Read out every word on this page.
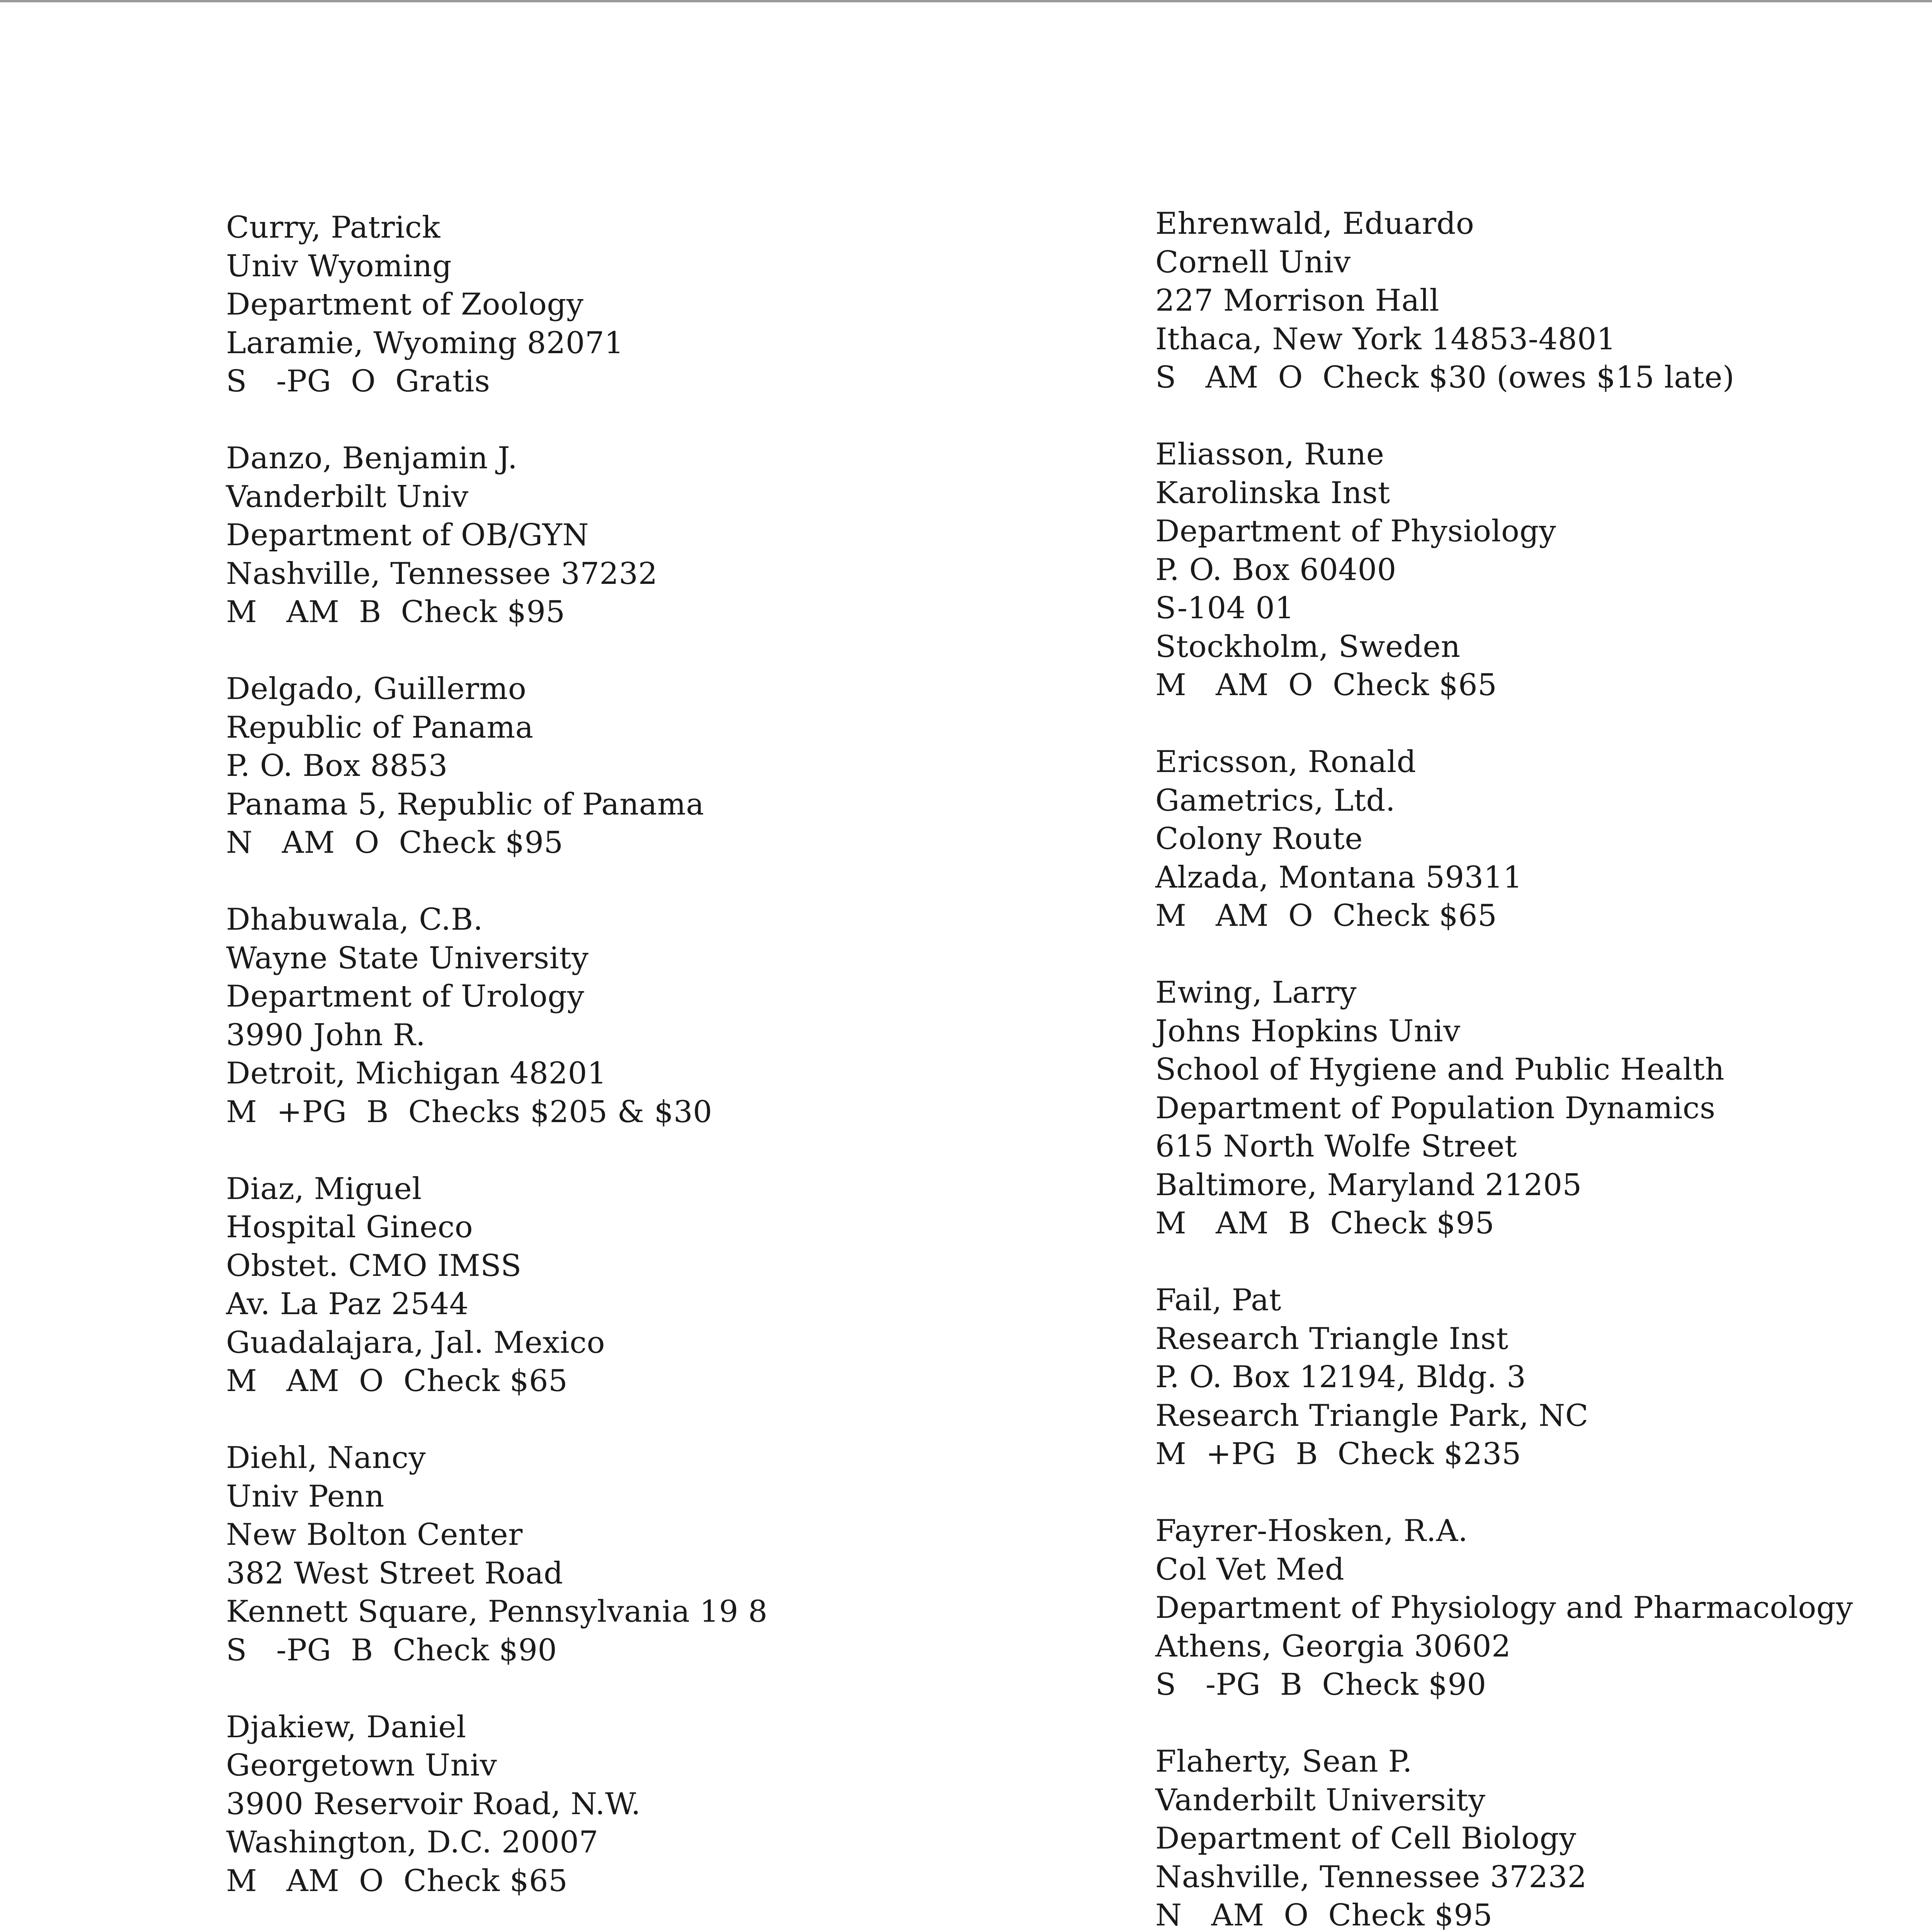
Curry, Patrick
Univ Wyoming
Department of Zoology
Laramie, Wyoming 82071
S   -PG  O  Gratis
Danzo, Benjamin J.
Vanderbilt Univ
Department of OB/GYN
Nashville, Tennessee 37232
M   AM  B  Check $95
Delgado, Guillermo
Republic of Panama
P. O. Box 8853
Panama 5, Republic of Panama
N   AM  O  Check $95
Dhabuwala, C.B.
Wayne State University
Department of Urology
3990 John R.
Detroit, Michigan 48201
M  +PG  B  Checks $205 & $30
Diaz, Miguel
Hospital Gineco
Obstet. CMO IMSS
Av. La Paz 2544
Guadalajara, Jal. Mexico
M   AM  O  Check $65
Diehl, Nancy
Univ Penn
New Bolton Center
382 West Street Road
Kennett Square, Pennsylvania 19 8
S   -PG  B  Check $90
Djakiew, Daniel
Georgetown Univ
3900 Reservoir Road, N.W.
Washington, D.C. 20007
M   AM  O  Check $65
Ehrenwald, Eduardo
Cornell Univ
227 Morrison Hall
Ithaca, New York 14853-4801
S   AM  O  Check $30 (owes $15 late)
Eliasson, Rune
Karolinska Inst
Department of Physiology
P. O. Box 60400
S-104 01
Stockholm, Sweden
M   AM  O  Check $65
Ericsson, Ronald
Gametrics, Ltd.
Colony Route
Alzada, Montana 59311
M   AM  O  Check $65
Ewing, Larry
Johns Hopkins Univ
School of Hygiene and Public Health
Department of Population Dynamics
615 North Wolfe Street
Baltimore, Maryland 21205
M   AM  B  Check $95
Fail, Pat
Research Triangle Inst
P. O. Box 12194, Bldg. 3
Research Triangle Park, NC
M  +PG  B  Check $235
Fayrer-Hosken, R.A.
Col Vet Med
Department of Physiology and Pharmacology
Athens, Georgia 30602
S   -PG  B  Check $90
Flaherty, Sean P.
Vanderbilt University
Department of Cell Biology
Nashville, Tennessee 37232
N   AM  O  Check $95
